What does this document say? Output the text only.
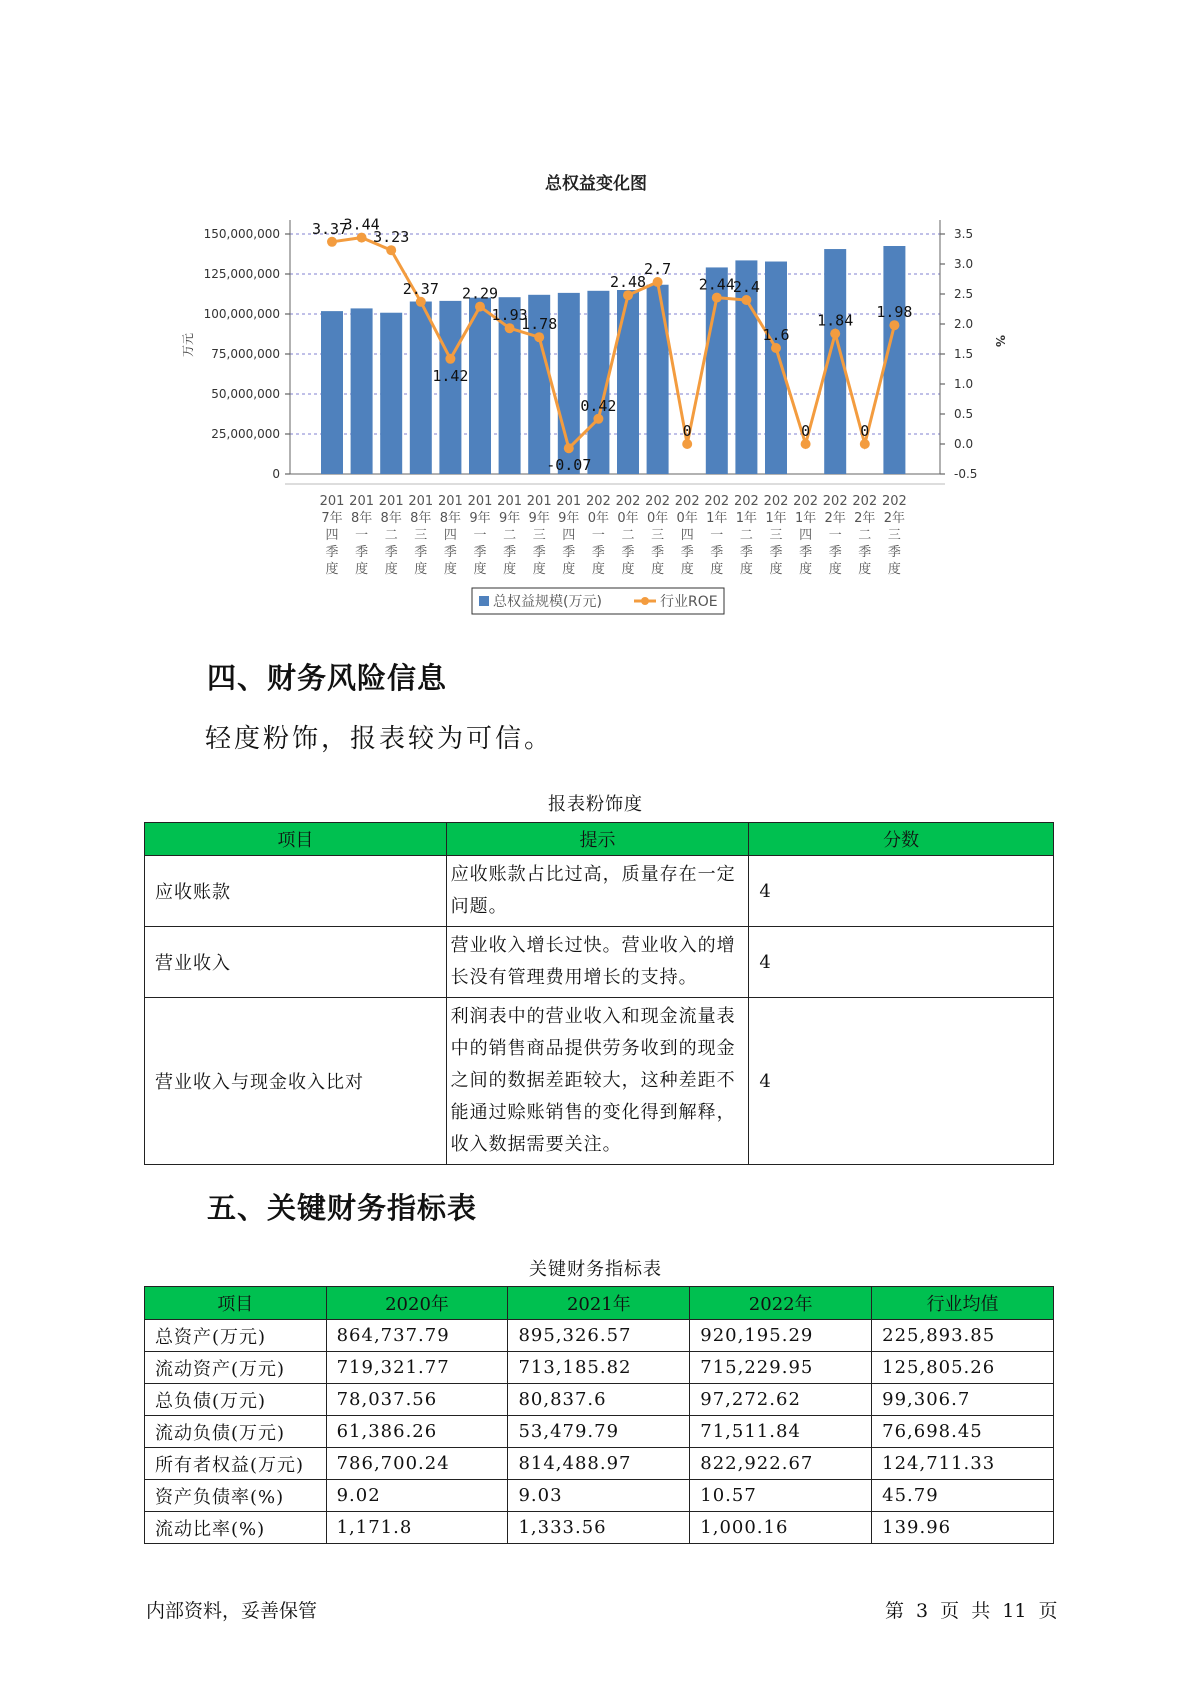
总权益变化图
0
25,000,000
50,000,000
75,000,000
100,000,000
125,000,000
150,000,000
-0.5
0.0
0.5
1.0
1.5
2.0
2.5
3.0
3.5
万元	%
3.37
3.44
3.23
2.37
1.42
2.29
1.93
1.78
-0.07
0.42
2.48
2.7
0
2.44
2.4
1.6
0
1.84
0
1.98
201
7年
四
季
度
201
8年
一
季
度
201
8年
二
季
度
201
8年
三
季
度
201
8年
四
季
度
201
9年
一
季
度
201
9年
二
季
度
201
9年
三
季
度
201
9年
四
季
度
202
0年
一
季
度
202
0年
二
季
度
202
0年
三
季
度
202
0年
四
季
度
202
1年
一
季
度
202
1年
二
季
度
202
1年
三
季
度
202
1年
四
季
度
202
2年
一
季
度
202
2年
二
季
度
202
2年
三
季
度
总权益规模(万元)	行业ROE
四、财务风险信息
轻度粉饰，报表较为可信。
报表粉饰度
项目	提示	分数
应收账款	应收账款占比过高，质量存在一定问题。	4
营业收入	营业收入增长过快。营业收入的增长没有管理费用增长的支持。	4
营业收入与现金收入比对	利润表中的营业收入和现金流量表中的销售商品提供劳务收到的现金之间的数据差距较大，这种差距不能通过赊账销售的变化得到解释，收入数据需要关注。	4
五、关键财务指标表
关键财务指标表
项目	2020年	2021年	2022年	行业均值
总资产(万元)	864,737.79	895,326.57	920,195.29	225,893.85
流动资产(万元)	719,321.77	713,185.82	715,229.95	125,805.26
总负债(万元)	78,037.56	80,837.6	97,272.62	99,306.7
流动负债(万元)	61,386.26	53,479.79	71,511.84	76,698.45
所有者权益(万元)	786,700.24	814,488.97	822,922.67	124,711.33
资产负债率(%)	9.02	9.03	10.57	45.79
流动比率(%)	1,171.8	1,333.56	1,000.16	139.96
内部资料，妥善保管	第 3 页 共 11 页
